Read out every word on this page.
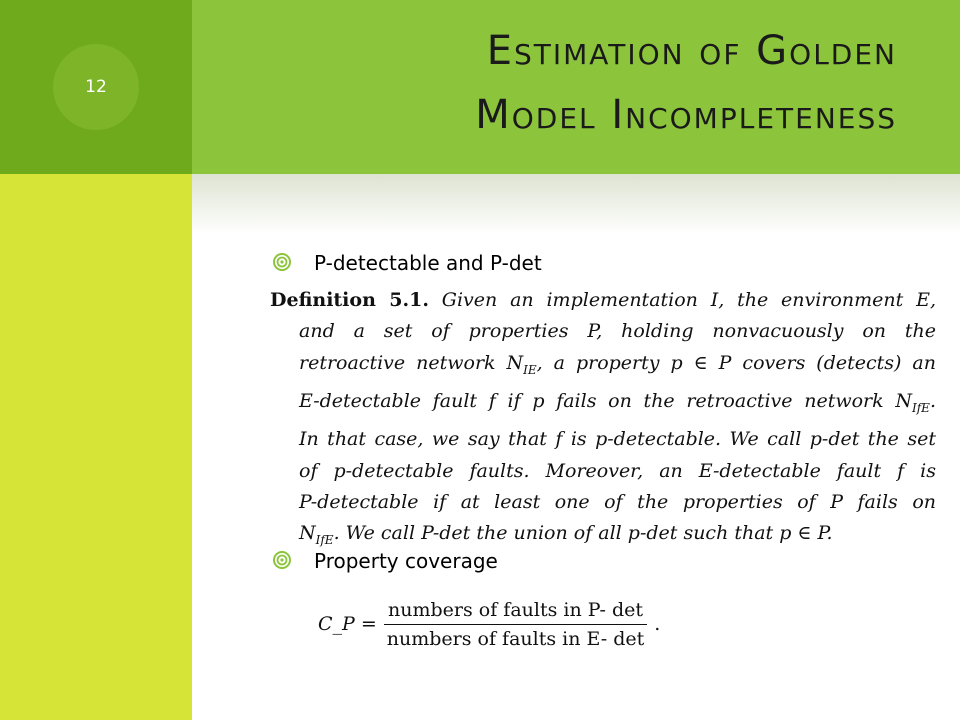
12
Estimation of Golden
Model Incompleteness
P-detectable and P-det

Definition 5.1. Given an implementation I, the environment E,

and a set of properties P, holding nonvacuously on the

retroactive network $N_{IE}$, a property p ∈ P covers (detects) an

E-detectable fault f if p fails on the retroactive network $N_{IfE}$.

In that case, we say that f is p-detectable. We call p-det the set

of p-detectable faults. Moreover, an E-detectable fault f is

P-detectable if at least one of the properties of P fails on

$N_{IfE}$. We call P-det the union of all p-det such that p ∈ P.

Property coverage
C_P = $\frac{\text{numbers of faults in P- det}}{\text{numbers of faults in E- det}}$ .
